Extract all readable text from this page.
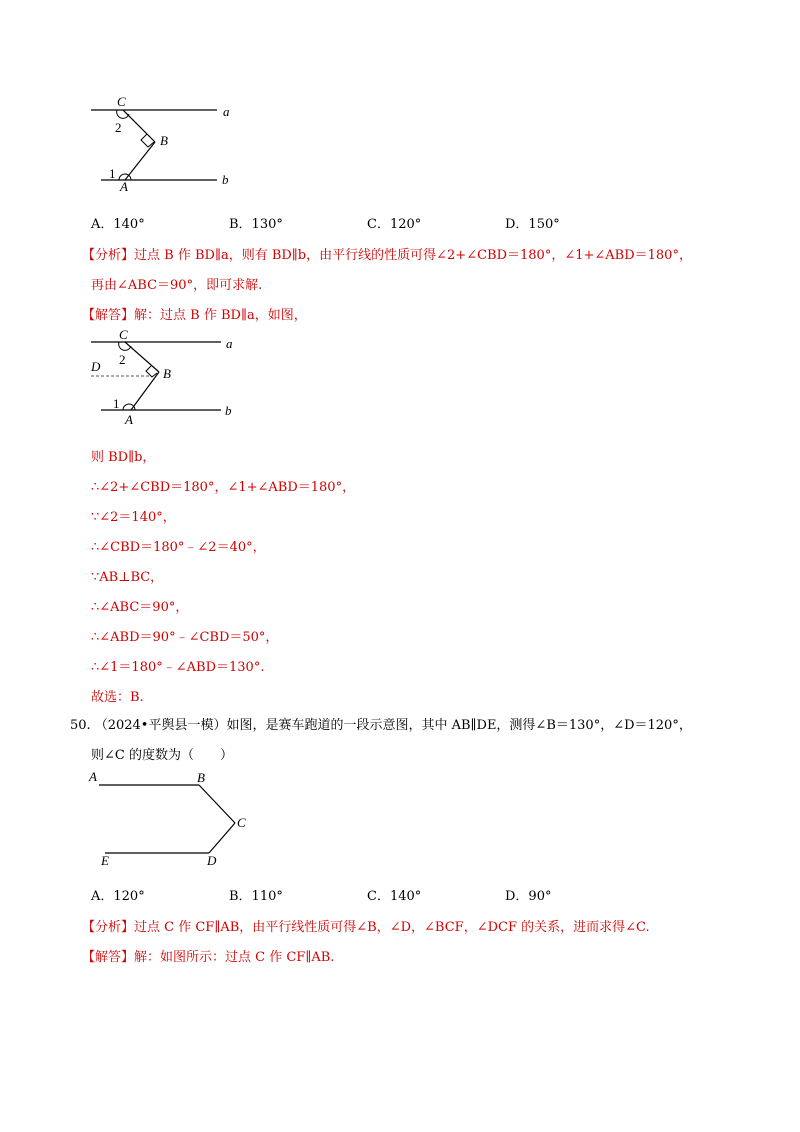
C
2
B
1
A
a
b
A．140°	B．130°	C．120°	D．150°
【分析】过点 B 作 BD∥a，则有 BD∥b，由平行线的性质可得∠2+∠CBD＝180°，∠1+∠ABD＝180°，
再由∠ABC＝90°，即可求解.
【解答】解：过点 B 作 BD∥a，如图，
C
D 2
B
1
A
a
b
则 BD∥b，
∴∠2+∠CBD＝180°，∠1+∠ABD＝180°，
∵∠2＝140°，
∴∠CBD＝180°﹣∠2＝40°，
∵AB⊥BC，
∴∠ABC＝90°，
∴∠ABD＝90°﹣∠CBD＝50°，
∴∠1＝180°﹣∠ABD＝130°.
故选：B.
50. （2024•平舆县一模）如图，是赛车跑道的一段示意图，其中 AB∥DE，测得∠B＝130°，∠D＝120°，
则∠C 的度数为（　　）
A	B
C
D
E
A．120°	B．110°	C．140°	D．90°
【分析】过点 C 作 CF∥AB，由平行线性质可得∠B，∠D，∠BCF，∠DCF 的关系，进而求得∠C.
【解答】解：如图所示：过点 C 作 CF∥AB.
